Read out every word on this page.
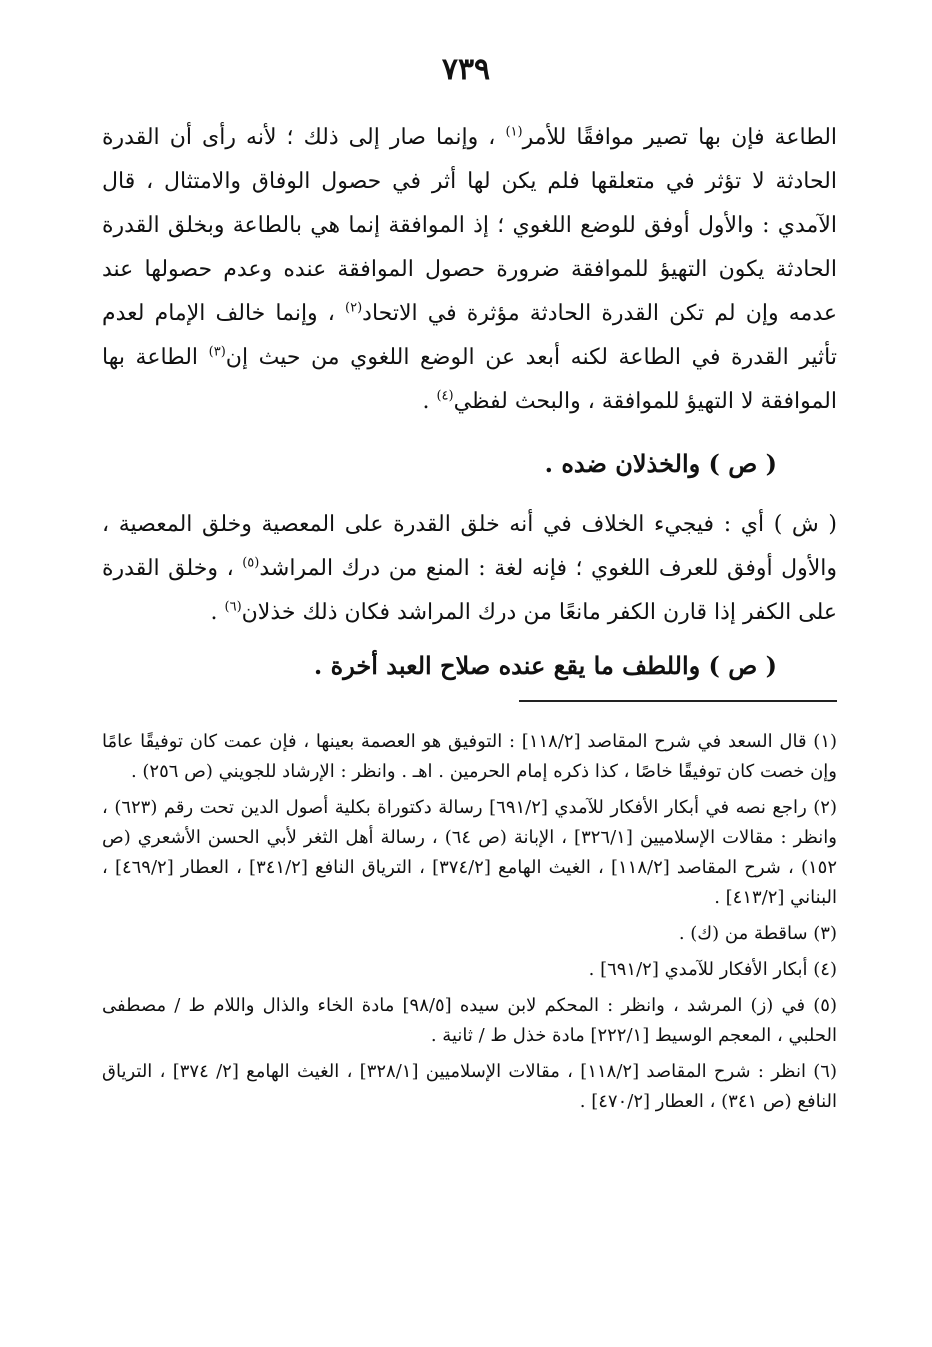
٧٣٩

الطاعة فإن بها تصير موافقًا للأمر$^{(١)}$ ، وإنما صار إلى ذلك ؛ لأنه رأى أن القدرة الحادثة لا تؤثر في متعلقها فلم يكن لها أثر في حصول الوفاق والامتثال ، قال الآمدي : والأول أوفق للوضع اللغوي ؛ إذ الموافقة إنما هي بالطاعة وبخلق القدرة الحادثة يكون التهيؤ للموافقة ضرورة حصول الموافقة عنده وعدم حصولها عند عدمه وإن لم تكن القدرة الحادثة مؤثرة في الاتحاد$^{(٢)}$ ، وإنما خالف الإمام لعدم تأثير القدرة في الطاعة لكنه أبعد عن الوضع اللغوي من حيث إن$^{(٣)}$ الطاعة بها الموافقة لا التهيؤ للموافقة ، والبحث لفظي$^{(٤)}$ .

( ص ) والخذلان ضده .

( ش ) أي : فيجيء الخلاف في أنه خلق القدرة على المعصية وخلق المعصية ، والأول أوفق للعرف اللغوي ؛ فإنه لغة : المنع من درك المراشد$^{(٥)}$ ، وخلق القدرة على الكفر إذا قارن الكفر مانعًا من درك المراشد فكان ذلك خذلان$^{(٦)}$ .

( ص ) واللطف ما يقع عنده صلاح العبد أخرة .

(١) قال السعد في شرح المقاصد [١١٨/٢] : التوفيق هو العصمة بعينها ، فإن عمت كان توفيقًا عامًا وإن خصت كان توفيقًا خاصًا ، كذا ذكره إمام الحرمين . اهـ . وانظر : الإرشاد للجويني (ص ٢٥٦) .

(٢) راجع نصه في أبكار الأفكار للآمدي [٦٩١/٢] رسالة دكتوراة بكلية أصول الدين تحت رقم (٦٢٣) ، وانظر : مقالات الإسلاميين [٣٢٦/١] ، الإبانة (ص ٦٤) ، رسالة أهل الثغر لأبي الحسن الأشعري (ص ١٥٢) ، شرح المقاصد [١١٨/٢] ، الغيث الهامع [٣٧٤/٢] ، الترياق النافع [٣٤١/٢] ، العطار [٤٦٩/٢] ، البناني [٤١٣/٢] .

(٣) ساقطة من (ك) .

(٤) أبكار الأفكار للآمدي [٦٩١/٢] .

(٥) في (ز) المرشد ، وانظر : المحكم لابن سيده [٩٨/٥] مادة الخاء والذال واللام ط / مصطفى الحلبي ، المعجم الوسيط [٢٢٢/١] مادة خذل ط / ثانية .

(٦) انظر : شرح المقاصد [١١٨/٢] ، مقالات الإسلاميين [٣٢٨/١] ، الغيث الهامع [٢/ ٣٧٤] ، الترياق النافع (ص ٣٤١) ، العطار [٤٧٠/٢] .
